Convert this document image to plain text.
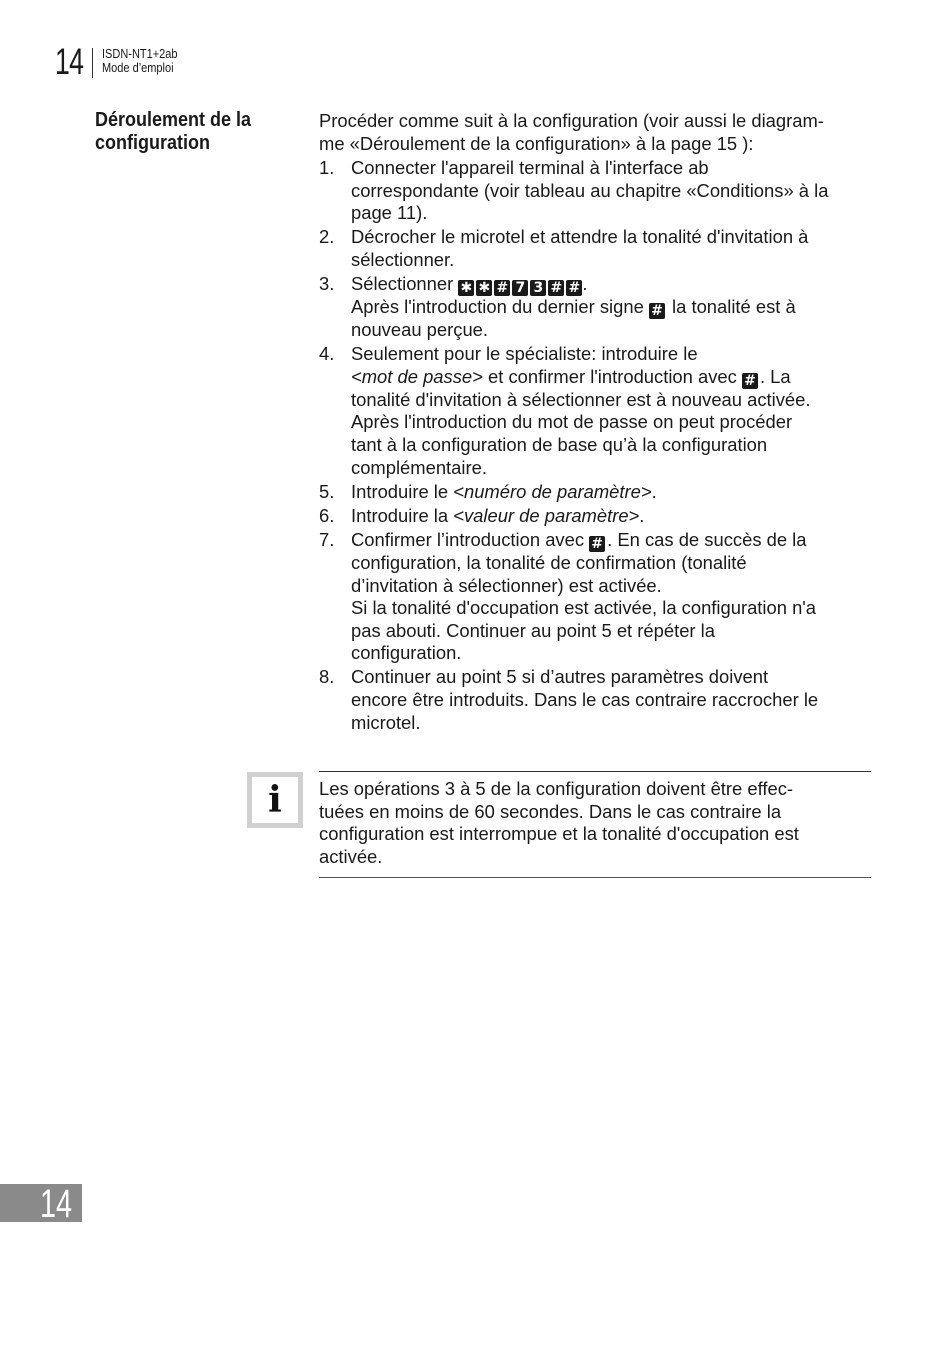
14 ISDN-NT1+2ab
Mode d’emploi
Déroulement de la
configuration

Procéder comme suit à la configuration (voir aussi le diagram-
me «Déroulement de la configuration» à la page 15 ):

1. Connecter l'appareil terminal à l'interface ab
correspondante (voir tableau au chapitre «Conditions» à la
page 11).
2. Décrocher le microtel et attendre la tonalité d'invitation à
sélectionner.
3. Sélectionner ✱ ✱ # 7 3 # # .
Après l'introduction du dernier signe # la tonalité est à
nouveau perçue.
4. Seulement pour le spécialiste: introduire le
<mot de passe> et confirmer l'introduction avec # . La
tonalité d'invitation à sélectionner est à nouveau activée.
Après l'introduction du mot de passe on peut procéder
tant à la configuration de base qu’à la configuration
complémentaire.
5. Introduire le <numéro de paramètre>.
6. Introduire la <valeur de paramètre>.
7. Confirmer l’introduction avec # . En cas de succès de la
configuration, la tonalité de confirmation (tonalité
d’invitation à sélectionner) est activée.
Si la tonalité d'occupation est activée, la configuration n'a
pas abouti. Continuer au point 5 et répéter la
configuration.
8. Continuer au point 5 si d’autres paramètres doivent
encore être introduits. Dans le cas contraire raccrocher le
microtel.
i	Les opérations 3 à 5 de la configuration doivent être effec-
tuées en moins de 60 secondes. Dans le cas contraire la
configuration est interrompue et la tonalité d'occupation est
activée.
14
